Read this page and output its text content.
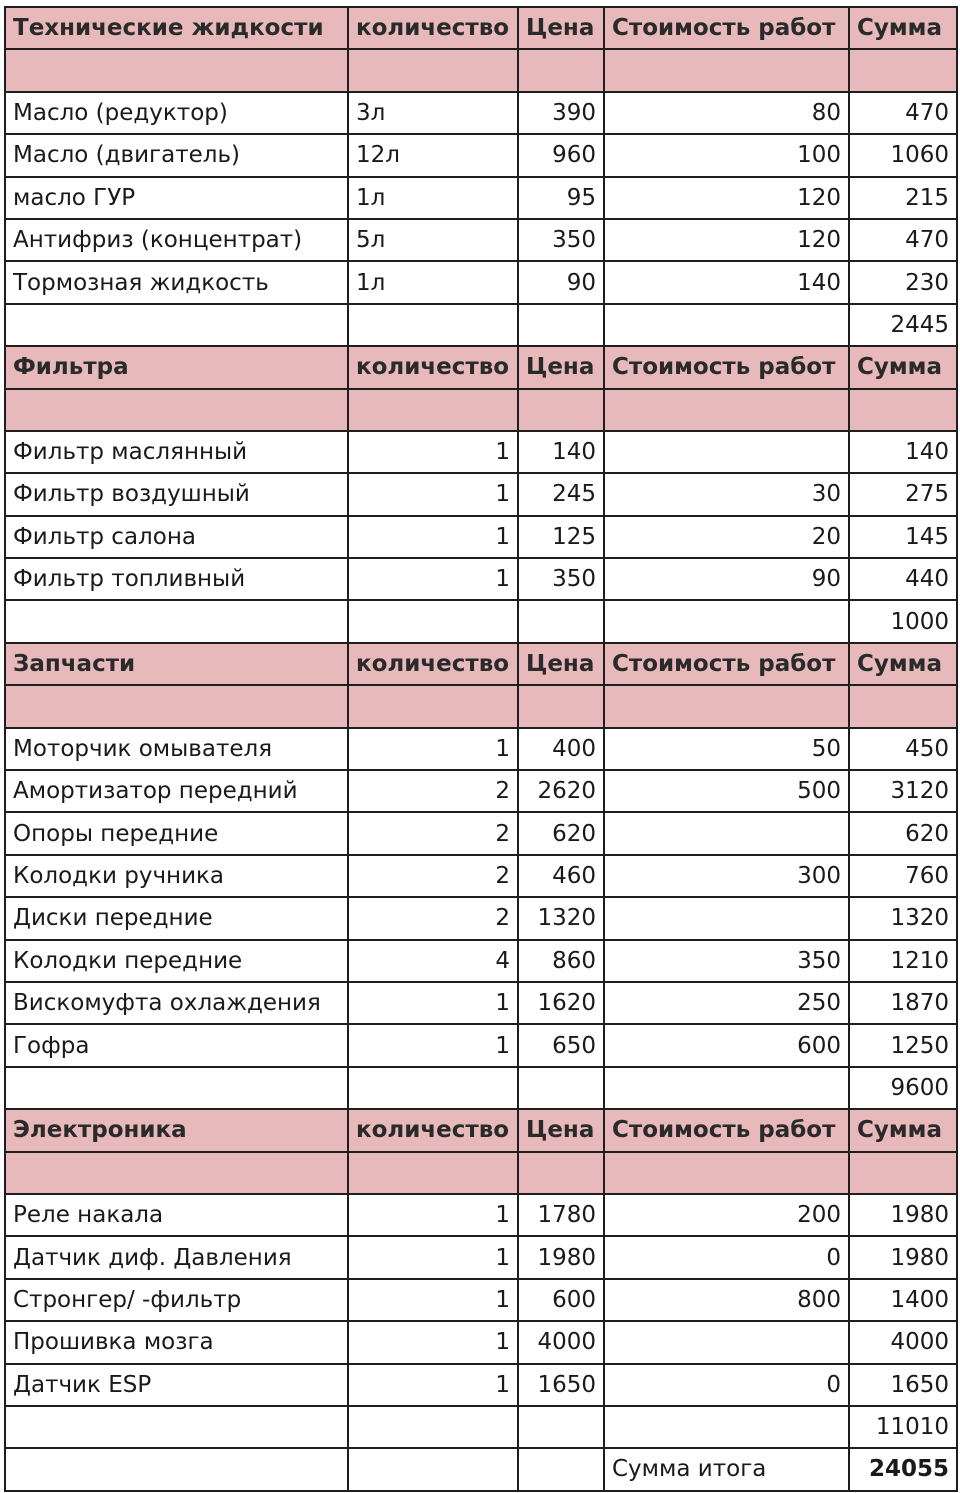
Технические жидкости	количество	Цена	Стоимость работ	Сумма

Масло (редуктор)	3л	390	80	470
Масло (двигатель)	12л	960	100	1060
масло ГУР	1л	95	120	215
Антифриз (концентрат)	5л	350	120	470
Тормозная жидкость	1л	90	140	230
				2445
Фильтра	количество	Цена	Стоимость работ	Сумма

Фильтр маслянный	1	140		140
Фильтр воздушный	1	245	30	275
Фильтр салона	1	125	20	145
Фильтр топливный	1	350	90	440
				1000
Запчасти	количество	Цена	Стоимость работ	Сумма

Моторчик омывателя	1	400	50	450
Амортизатор передний	2	2620	500	3120
Опоры передние	2	620		620
Колодки ручника	2	460	300	760
Диски передние	2	1320		1320
Колодки передние	4	860	350	1210
Вискомуфта охлаждения	1	1620	250	1870
Гофра	1	650	600	1250
				9600
Электроника	количество	Цена	Стоимость работ	Сумма

Реле накала	1	1780	200	1980
Датчик диф. Давления	1	1980	0	1980
Стронгер/ -фильтр	1	600	800	1400
Прошивка мозга	1	4000		4000
Датчик ESP	1	1650	0	1650
				11010
			Сумма итога	24055
